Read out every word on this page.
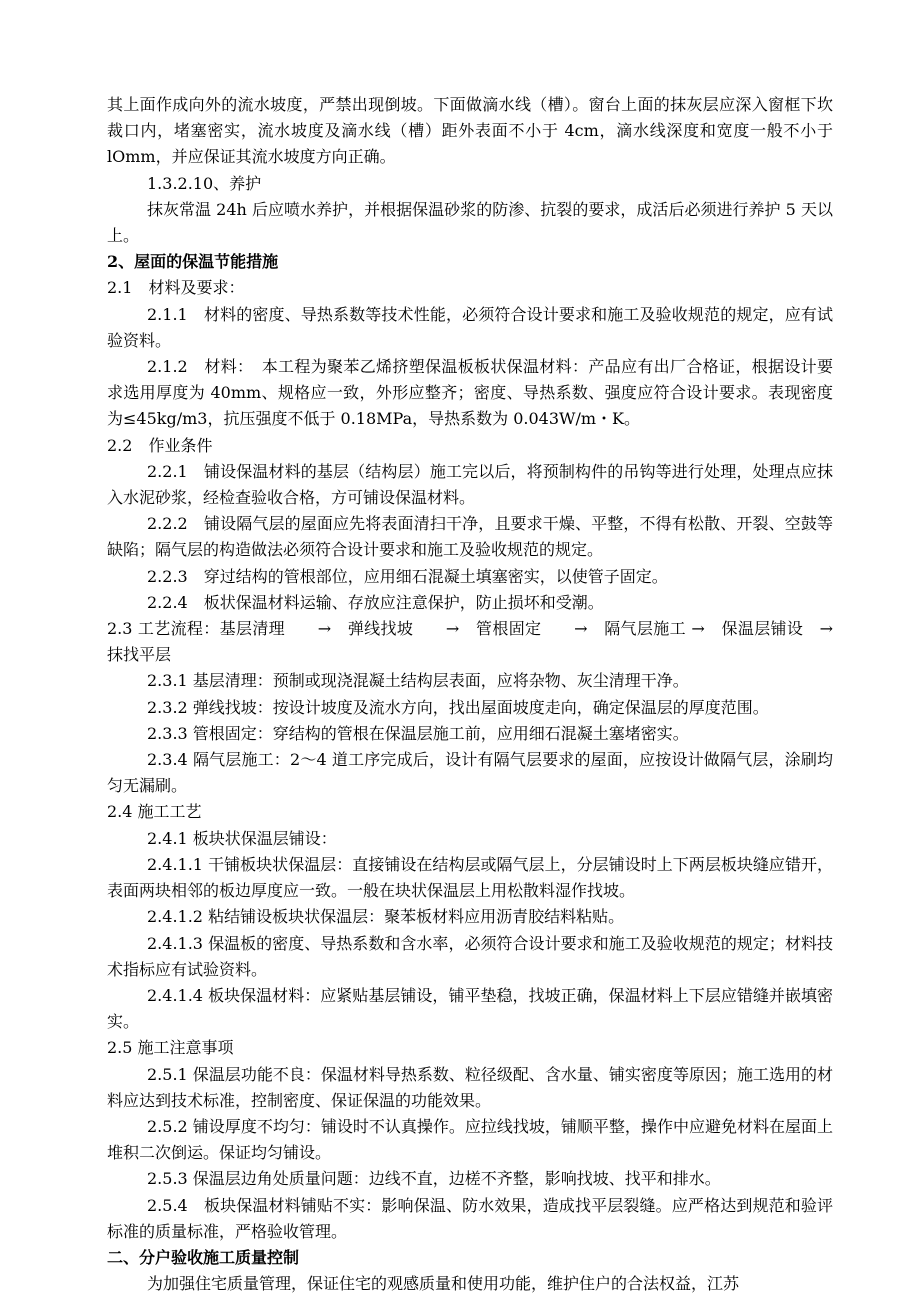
其上面作成向外的流水坡度，严禁出现倒坡。下面做滴水线（槽）。窗台上面的抹灰层应深入窗框下坎裁口内，堵塞密实，流水坡度及滴水线（槽）距外表面不小于 4cm，滴水线深度和宽度一般不小于 lOmm，并应保证其流水坡度方向正确。

1.3.2.10、养护

抹灰常温 24h 后应喷水养护，并根据保温砂浆的防渗、抗裂的要求，成活后必须进行养护 5 天以上。

2、屋面的保温节能措施

2.1　材料及要求：

2.1.1　材料的密度、导热系数等技术性能，必须符合设计要求和施工及验收规范的规定，应有试验资料。

2.1.2　材料：　本工程为聚苯乙烯挤塑保温板板状保温材料：产品应有出厂合格证，根据设计要求选用厚度为 40mm、规格应一致，外形应整齐；密度、导热系数、强度应符合设计要求。表现密度为≤45kg/m3，抗压强度不低于 0.18MPa，导热系数为 0.043W/m・K。

2.2　作业条件

2.2.1　铺设保温材料的基层（结构层）施工完以后，将预制构件的吊钩等进行处理，处理点应抹入水泥砂浆，经检查验收合格，方可铺设保温材料。

2.2.2　铺设隔气层的屋面应先将表面清扫干净，且要求干燥、平整，不得有松散、开裂、空鼓等缺陷；隔气层的构造做法必须符合设计要求和施工及验收规范的规定。

2.2.3　穿过结构的管根部位，应用细石混凝土填塞密实，以使管子固定。

2.2.4　板状保温材料运输、存放应注意保护，防止损坏和受潮。

2.3 工艺流程：基层清理　　→　弹线找坡　　→　管根固定　　→　隔气层施工 →　保温层铺设　→　抹找平层

2.3.1 基层清理：预制或现浇混凝土结构层表面，应将杂物、灰尘清理干净。

2.3.2 弹线找坡：按设计坡度及流水方向，找出屋面坡度走向，确定保温层的厚度范围。

2.3.3 管根固定：穿结构的管根在保温层施工前，应用细石混凝土塞堵密实。

2.3.4 隔气层施工：2～4 道工序完成后，设计有隔气层要求的屋面，应按设计做隔气层，涂刷均匀无漏刷。

2.4 施工工艺

2.4.1 板块状保温层铺设：

2.4.1.1 干铺板块状保温层：直接铺设在结构层或隔气层上，分层铺设时上下两层板块缝应错开，表面两块相邻的板边厚度应一致。一般在块状保温层上用松散料湿作找坡。

2.4.1.2 粘结铺设板块状保温层：聚苯板材料应用沥青胶结料粘贴。

2.4.1.3 保温板的密度、导热系数和含水率，必须符合设计要求和施工及验收规范的规定；材料技术指标应有试验资料。

2.4.1.4 板块保温材料：应紧贴基层铺设，铺平垫稳，找坡正确，保温材料上下层应错缝并嵌填密实。

2.5 施工注意事项

2.5.1 保温层功能不良：保温材料导热系数、粒径级配、含水量、铺实密度等原因；施工选用的材料应达到技术标准，控制密度、保证保温的功能效果。

2.5.2 铺设厚度不均匀：铺设时不认真操作。应拉线找坡，铺顺平整，操作中应避免材料在屋面上堆积二次倒运。保证均匀铺设。

2.5.3 保温层边角处质量问题：边线不直，边槎不齐整，影响找坡、找平和排水。

2.5.4　板块保温材料铺贴不实：影响保温、防水效果，造成找平层裂缝。应严格达到规范和验评标准的质量标准，严格验收管理。

二、分户验收施工质量控制

为加强住宅质量管理，保证住宅的观感质量和使用功能，维护住户的合法权益，江苏
